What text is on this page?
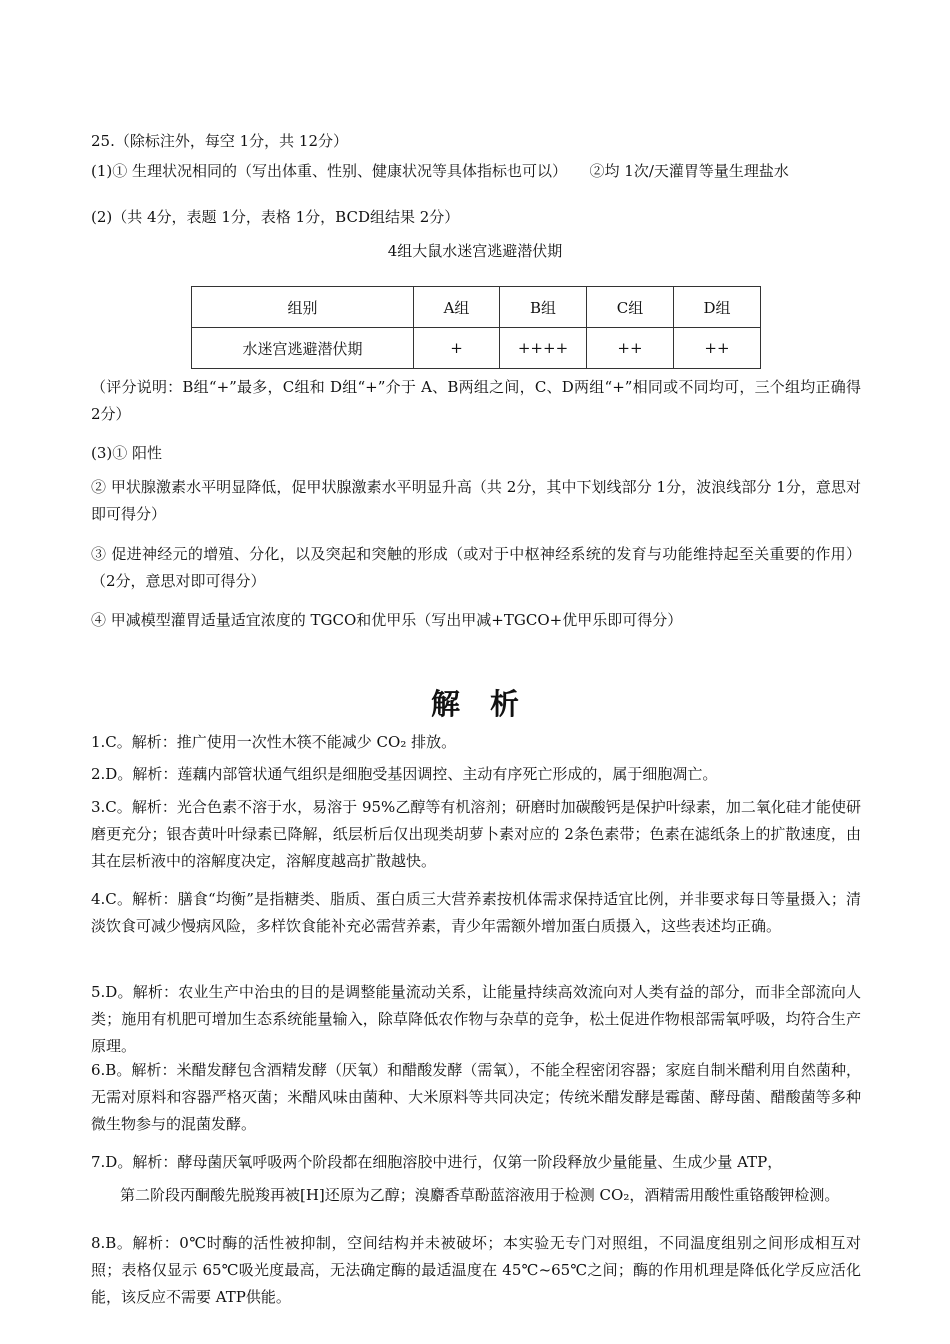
25.（除标注外，每空 1分，共 12分）

(1)① 生理状况相同的（写出体重、性别、健康状况等具体指标也可以）　　②均 1次/天灌胃等量生理盐水

(2)（共 4分，表题 1分，表格 1分，BCD组结果 2分）

4组大鼠水迷宫逃避潜伏期

组别	A组	B组	C组	D组
水迷宫逃避潜伏期	+	++++	++	++

（评分说明：B组“+”最多，C组和 D组“+”介于 A、B两组之间，C、D两组“+”相同或不同均可，三个组均正确得 2分）

(3)① 阳性

② 甲状腺激素水平明显降低，促甲状腺激素水平明显升高（共 2分，其中下划线部分 1分，波浪线部分 1分，意思对即可得分）

③ 促进神经元的增殖、分化，以及突起和突触的形成（或对于中枢神经系统的发育与功能维持起至关重要的作用）（2分，意思对即可得分）

④ 甲减模型灌胃适量适宜浓度的 TGCO和优甲乐（写出甲减+TGCO+优甲乐即可得分）

解析

1.C。解析：推广使用一次性木筷不能减少 CO₂ 排放。

2.D。解析：莲藕内部管状通气组织是细胞受基因调控、主动有序死亡形成的，属于细胞凋亡。

3.C。解析：光合色素不溶于水，易溶于 95%乙醇等有机溶剂；研磨时加碳酸钙是保护叶绿素，加二氧化硅才能使研磨更充分；银杏黄叶叶绿素已降解，纸层析后仅出现类胡萝卜素对应的 2条色素带；色素在滤纸条上的扩散速度，由其在层析液中的溶解度决定，溶解度越高扩散越快。

4.C。解析：膳食“均衡”是指糖类、脂质、蛋白质三大营养素按机体需求保持适宜比例，并非要求每日等量摄入；清淡饮食可减少慢病风险，多样饮食能补充必需营养素，青少年需额外增加蛋白质摄入，这些表述均正确。

5.D。解析：农业生产中治虫的目的是调整能量流动关系，让能量持续高效流向对人类有益的部分，而非全部流向人类；施用有机肥可增加生态系统能量输入，除草降低农作物与杂草的竞争，松土促进作物根部需氧呼吸，均符合生产原理。

6.B。解析：米醋发酵包含酒精发酵（厌氧）和醋酸发酵（需氧），不能全程密闭容器；家庭自制米醋利用自然菌种，无需对原料和容器严格灭菌；米醋风味由菌种、大米原料等共同决定；传统米醋发酵是霉菌、酵母菌、醋酸菌等多种微生物参与的混菌发酵。

7.D。解析：酵母菌厌氧呼吸两个阶段都在细胞溶胶中进行，仅第一阶段释放少量能量、生成少量 ATP，

第二阶段丙酮酸先脱羧再被[H]还原为乙醇；溴麝香草酚蓝溶液用于检测 CO₂，酒精需用酸性重铬酸钾检测。

8.B。解析：0℃时酶的活性被抑制，空间结构并未被破坏；本实验无专门对照组，不同温度组别之间形成相互对照；表格仅显示 65℃吸光度最高，无法确定酶的最适温度在 45℃~65℃之间；酶的作用机理是降低化学反应活化能，该反应不需要 ATP供能。
